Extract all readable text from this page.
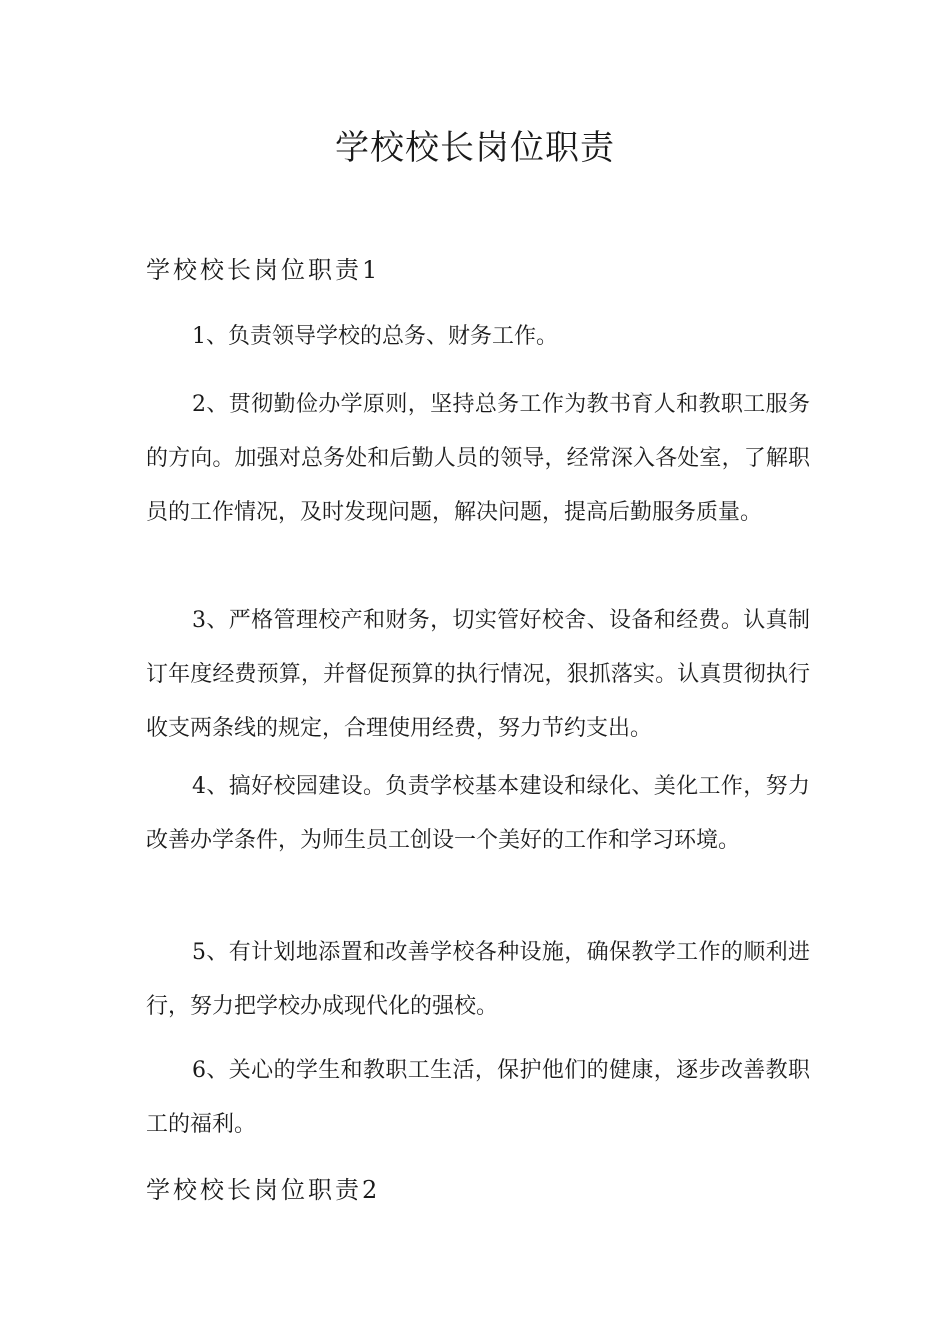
学校校长岗位职责
学校校长岗位职责1

1、负责领导学校的总务、财务工作。

2、贯彻勤俭办学原则，坚持总务工作为教书育人和教职工服务的方向。加强对总务处和后勤人员的领导，经常深入各处室，了解职员的工作情况，及时发现问题，解决问题，提高后勤服务质量。

3、严格管理校产和财务，切实管好校舍、设备和经费。认真制订年度经费预算，并督促预算的执行情况，狠抓落实。认真贯彻执行收支两条线的规定，合理使用经费，努力节约支出。

4、搞好校园建设。负责学校基本建设和绿化、美化工作，努力改善办学条件，为师生员工创设一个美好的工作和学习环境。

5、有计划地添置和改善学校各种设施，确保教学工作的顺利进行，努力把学校办成现代化的强校。

6、关心的学生和教职工生活，保护他们的健康，逐步改善教职工的福利。

学校校长岗位职责2
